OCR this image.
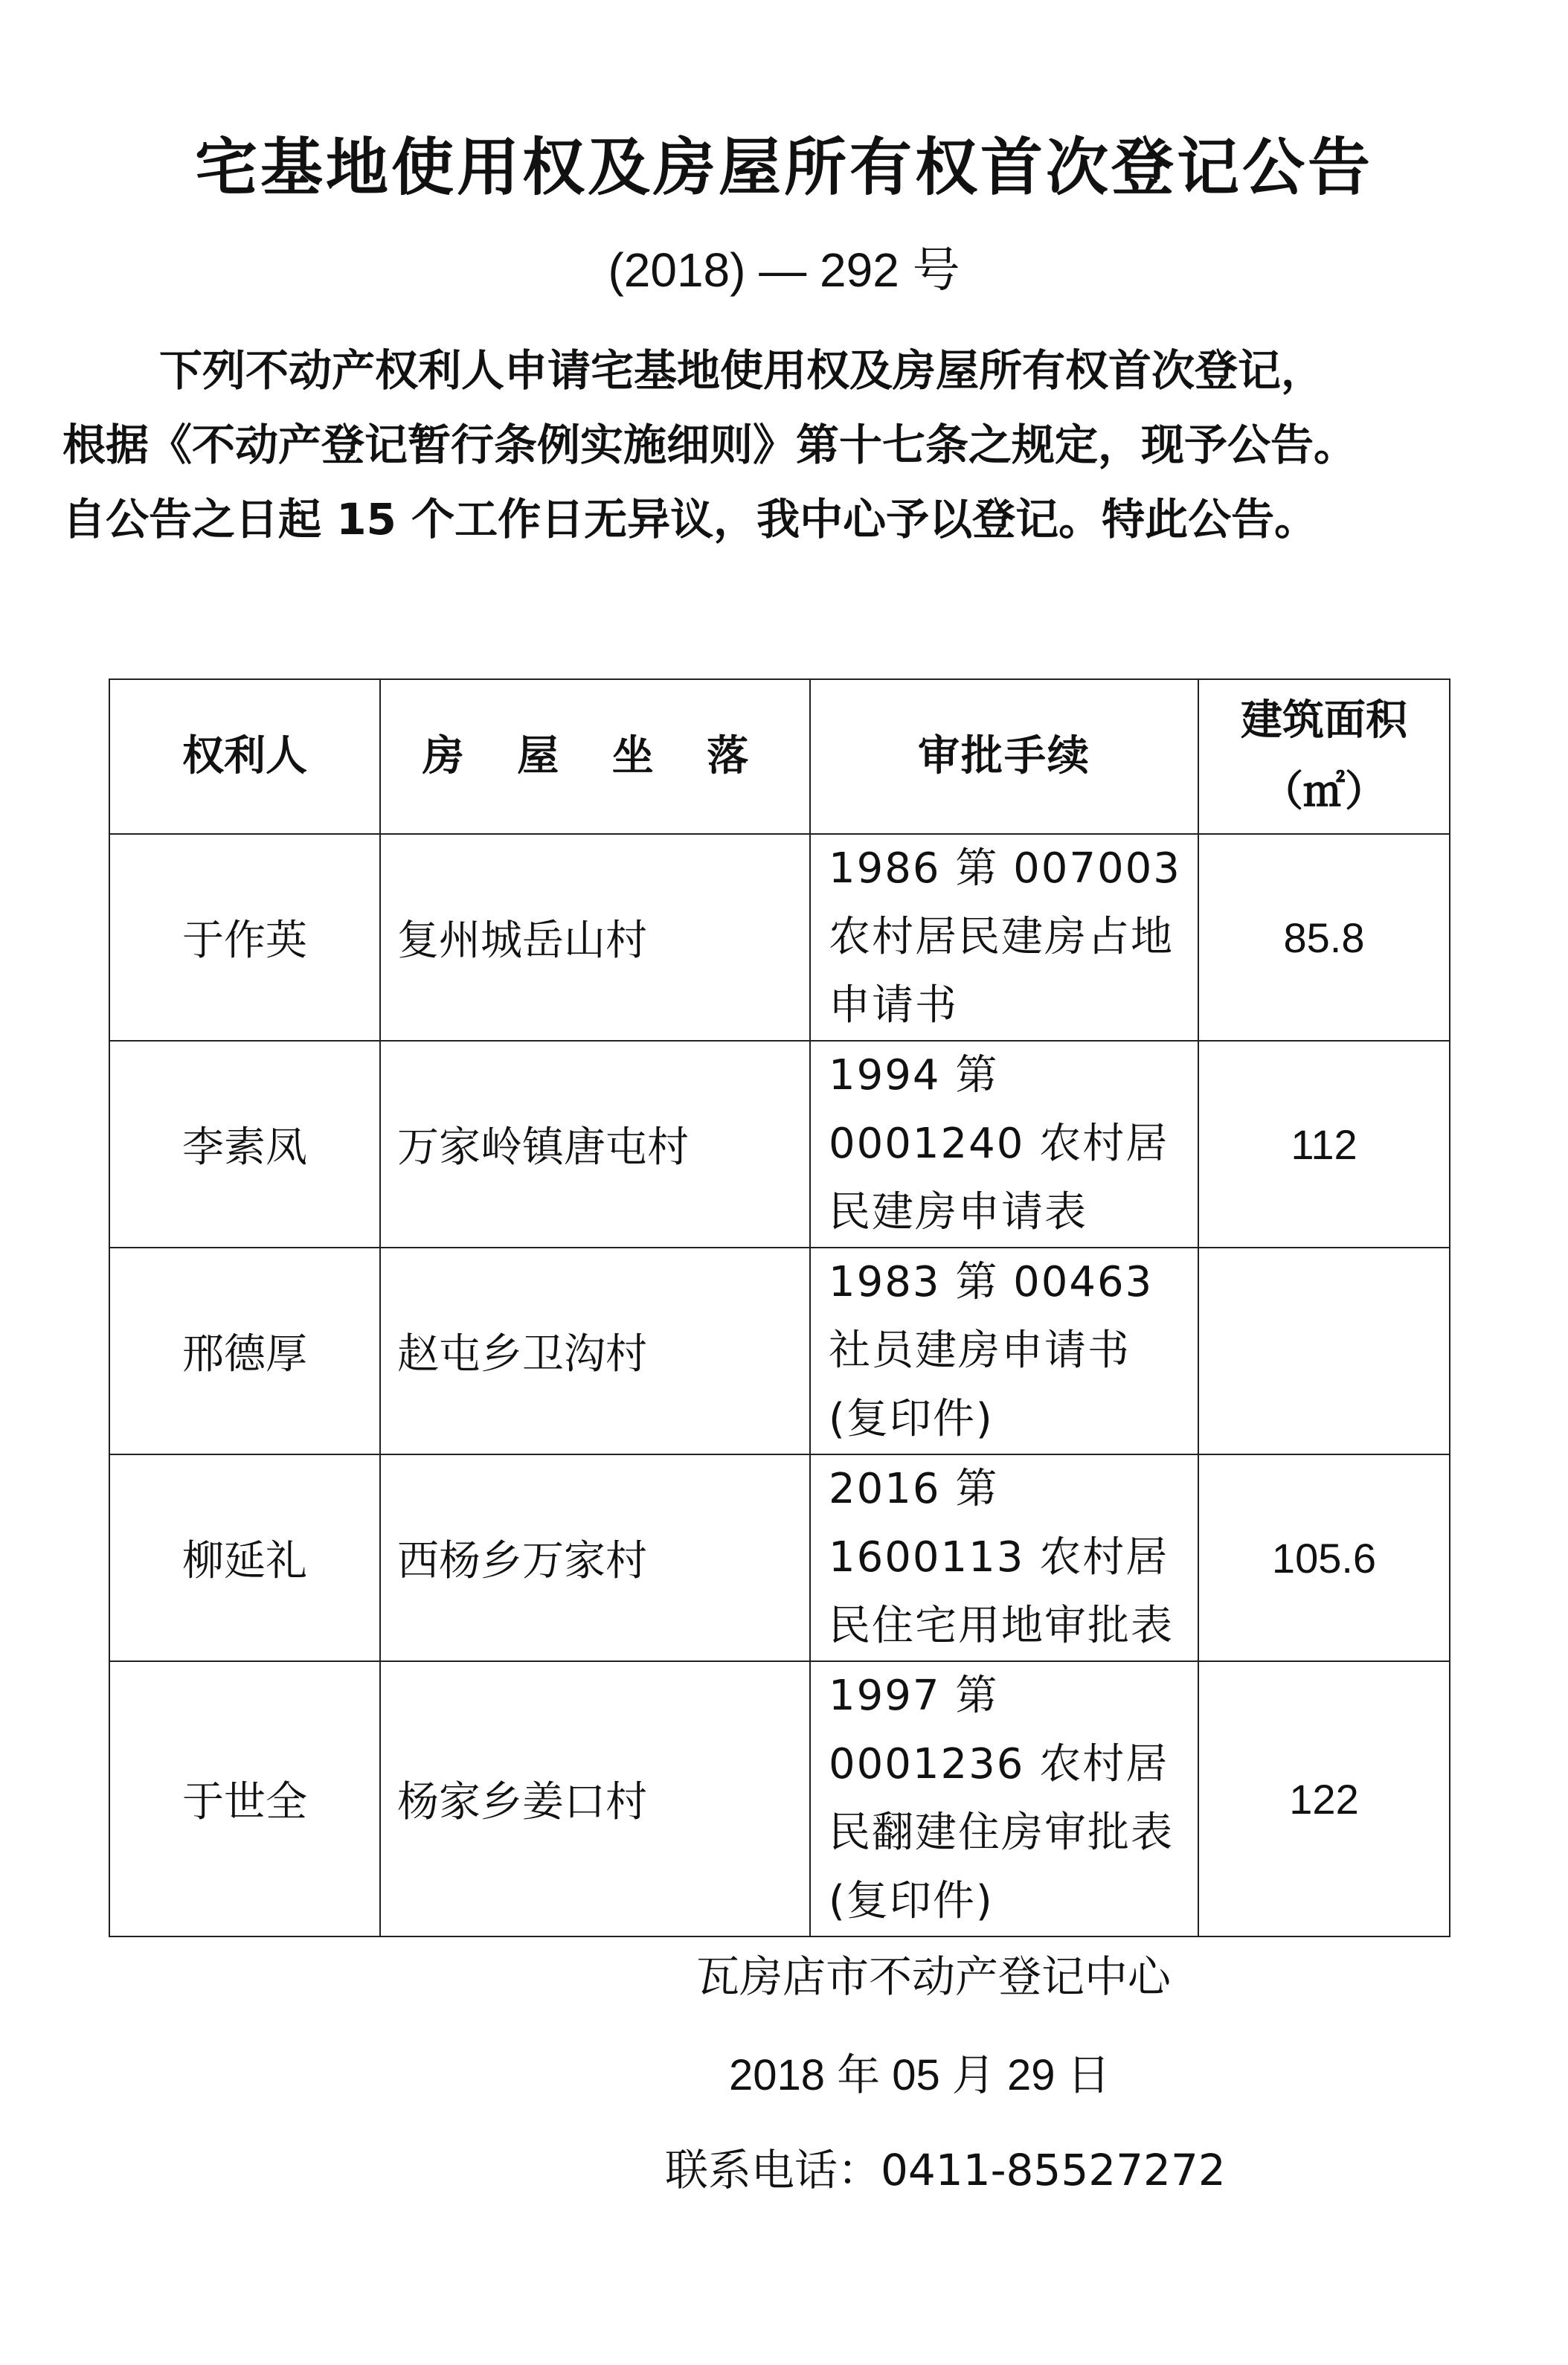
宅基地使用权及房屋所有权首次登记公告
(2018) — 292 号

下列不动产权利人申请宅基地使用权及房屋所有权首次登记，

根据《不动产登记暂行条例实施细则》第十七条之规定，现予公告。

自公告之日起 15 个工作日无异议，我中心予以登记。特此公告。

权利人	房 屋 坐 落	审批手续	建筑面积
（㎡）
于作英	复州城岳山村	1986 第 007003 农村居民建房占地申请书	85.8
李素凤	万家岭镇唐屯村	1994 第 0001240 农村居民建房申请表	112
邢德厚	赵屯乡卫沟村	1983 第 00463 社员建房申请书(复印件)	
柳延礼	西杨乡万家村	2016 第 1600113 农村居民住宅用地审批表	105.6
于世全	杨家乡姜口村	1997 第 0001236 农村居民翻建住房审批表(复印件)	122
瓦房店市不动产登记中心
2018 年 05 月 29 日
联系电话：0411-85527272
